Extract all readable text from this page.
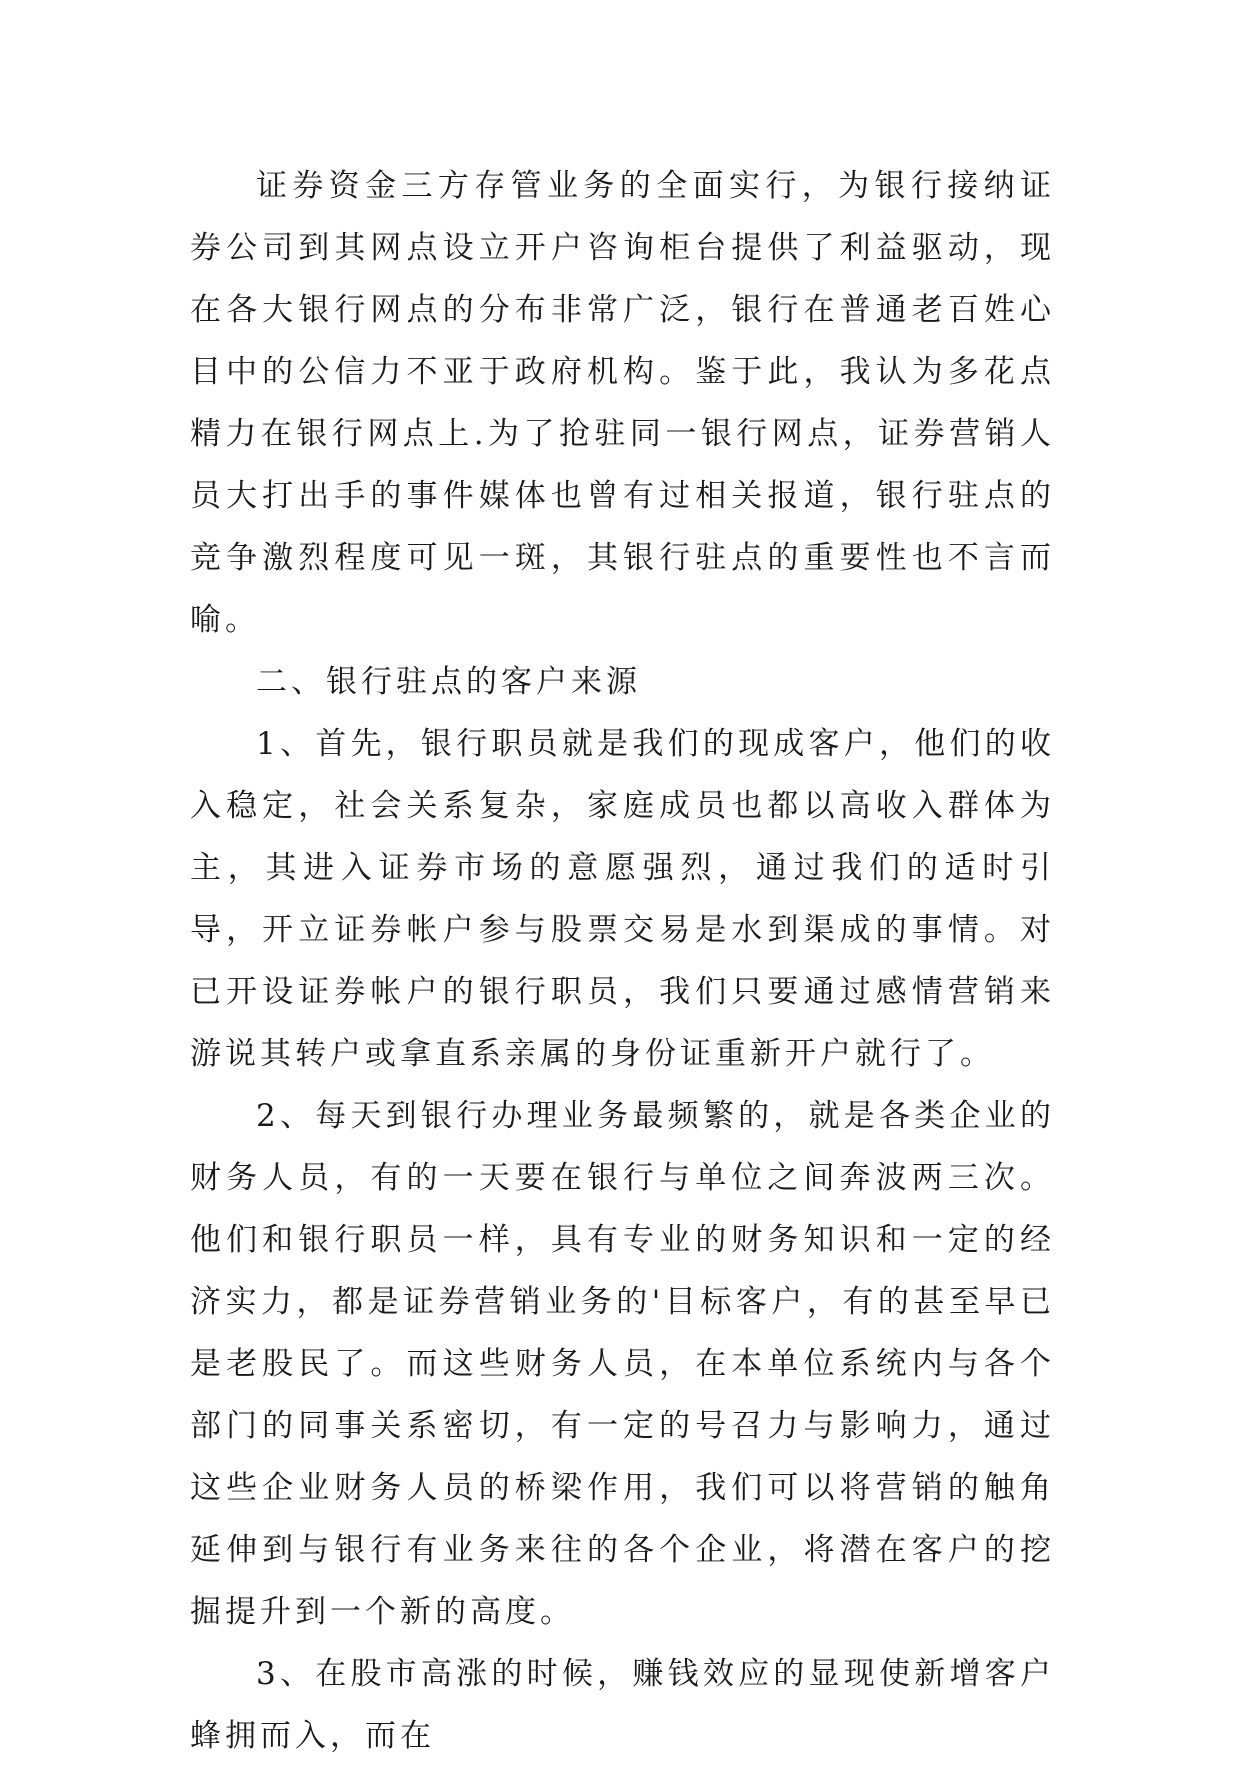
证券资金三方存管业务的全面实行，为银行接纳证券公司到其网点设立开户咨询柜台提供了利益驱动，现在各大银行网点的分布非常广泛，银行在普通老百姓心目中的公信力不亚于政府机构。鉴于此，我认为多花点精力在银行网点上.为了抢驻同一银行网点，证券营销人员大打出手的事件媒体也曾有过相关报道，银行驻点的竞争激烈程度可见一斑，其银行驻点的重要性也不言而喻。

二、银行驻点的客户来源

1、首先，银行职员就是我们的现成客户，他们的收入稳定，社会关系复杂，家庭成员也都以高收入群体为主，其进入证券市场的意愿强烈，通过我们的适时引导，开立证券帐户参与股票交易是水到渠成的事情。对已开设证券帐户的银行职员，我们只要通过感情营销来游说其转户或拿直系亲属的身份证重新开户就行了。

2、每天到银行办理业务最频繁的，就是各类企业的财务人员，有的一天要在银行与单位之间奔波两三次。他们和银行职员一样，具有专业的财务知识和一定的经济实力，都是证券营销业务的'目标客户，有的甚至早已是老股民了。而这些财务人员，在本单位系统内与各个部门的同事关系密切，有一定的号召力与影响力，通过这些企业财务人员的桥梁作用，我们可以将营销的触角延伸到与银行有业务来往的各个企业，将潜在客户的挖掘提升到一个新的高度。

3、在股市高涨的时候，赚钱效应的显现使新增客户蜂拥而入，而在
